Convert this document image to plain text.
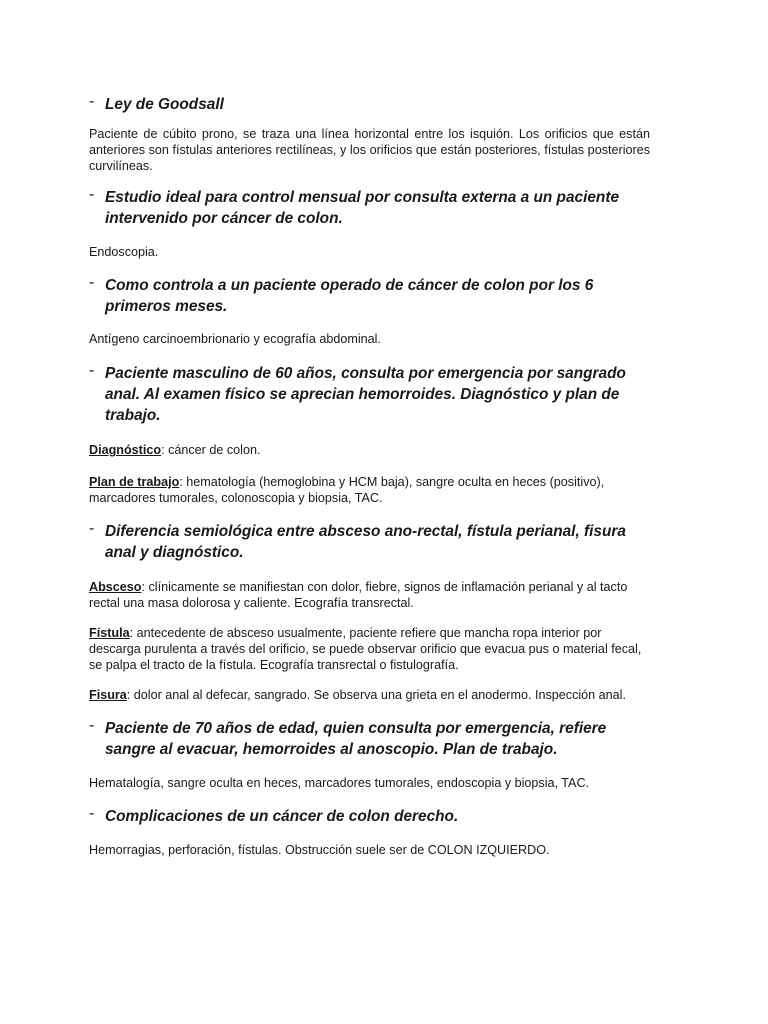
- Ley de Goodsall

Paciente de cúbito prono, se traza una línea horizontal entre los isquión. Los orificios que están anteriores son fístulas anteriores rectilíneas, y los orificios que están posteriores, fístulas posteriores curvilíneas.

- Estudio ideal para control mensual por consulta externa a un paciente intervenido por cáncer de colon.

Endoscopia.

- Como controla a un paciente operado de cáncer de colon por los 6 primeros meses.

Antígeno carcinoembrionario y ecografía abdominal.

- Paciente masculino de 60 años, consulta por emergencia por sangrado anal. Al examen físico se aprecian hemorroides. Diagnóstico y plan de trabajo.

Diagnóstico: cáncer de colon.

Plan de trabajo: hematología (hemoglobina y HCM baja), sangre oculta en heces (positivo), marcadores tumorales, colonoscopia y biopsia, TAC.

- Diferencia semiológica entre absceso ano-rectal, fístula perianal, fisura anal y diagnóstico.

Absceso: clínicamente se manifiestan con dolor, fiebre, signos de inflamación perianal y al tacto rectal una masa dolorosa y caliente. Ecografía transrectal.

Fístula: antecedente de absceso usualmente, paciente refiere que mancha ropa interior por descarga purulenta a través del orificio, se puede observar orificio que evacua pus o material fecal, se palpa el tracto de la fístula. Ecografía transrectal o fistulografía.

Fisura: dolor anal al defecar, sangrado. Se observa una grieta en el anodermo. Inspección anal.

- Paciente de 70 años de edad, quien consulta por emergencia, refiere sangre al evacuar, hemorroides al anoscopio. Plan de trabajo.

Hematalogía, sangre oculta en heces, marcadores tumorales, endoscopia y biopsia, TAC.

- Complicaciones de un cáncer de colon derecho.

Hemorragias, perforación, fístulas. Obstrucción suele ser de COLON IZQUIERDO.
